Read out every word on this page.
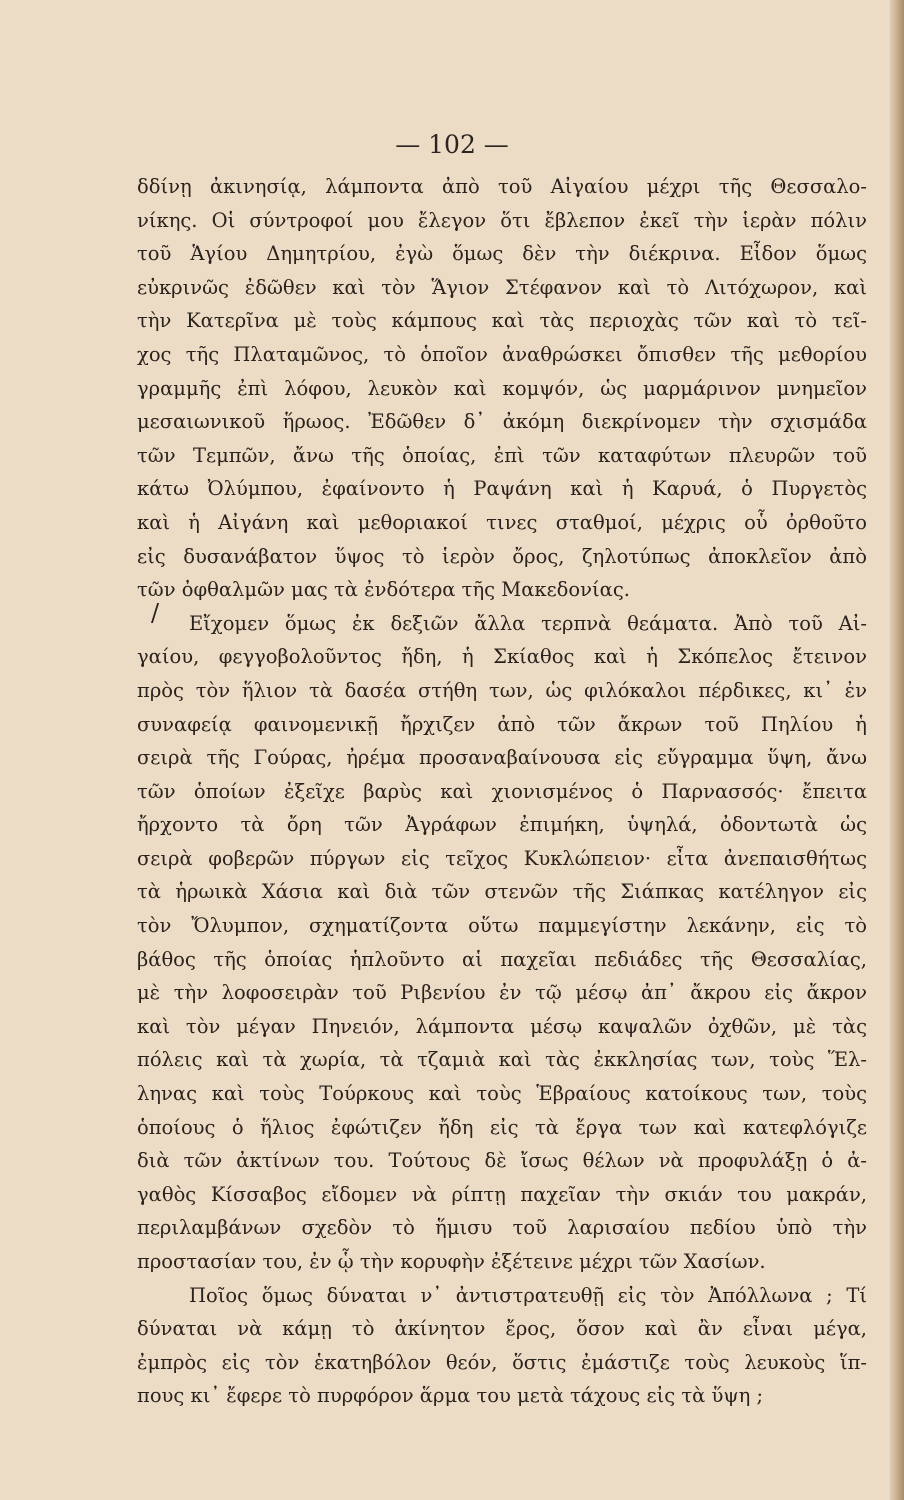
— 102 —
/
δδίνῃ ἀκινησίᾳ, λάμποντα ἀπὸ τοῦ Αἰγαίου μέχρι τῆς Θεσσαλο-
νίκης. Οἱ σύντροφοί μου ἔλεγον ὅτι ἔβλεπον ἐκεῖ τὴν ἱερὰν πόλιν
τοῦ Ἁγίου Δημητρίου, ἐγὼ ὅμως δὲν τὴν διέκρινα. Εἶδον ὅμως
εὐκρινῶς ἐδῶθεν καὶ τὸν Ἅγιον Στέφανον καὶ τὸ Λιτόχωρον, καὶ
τὴν Κατερῖνα μὲ τοὺς κάμπους καὶ τὰς περιοχὰς τῶν καὶ τὸ τεῖ-
χος τῆς Πλαταμῶνος, τὸ ὁποῖον ἀναθρώσκει ὄπισθεν τῆς μεθορίου
γραμμῆς ἐπὶ λόφου, λευκὸν καὶ κομψόν, ὡς μαρμάρινον μνημεῖον
μεσαιωνικοῦ ἥρωος. Ἐδῶθεν δ᾽ ἀκόμη διεκρίνομεν τὴν σχισμάδα
τῶν Τεμπῶν, ἄνω τῆς ὁποίας, ἐπὶ τῶν καταφύτων πλευρῶν τοῦ
κάτω Ὀλύμπου, ἐφαίνοντο ἡ Ραψάνη καὶ ἡ Καρυά, ὁ Πυργετὸς
καὶ ἡ Αἰγάνη καὶ μεθοριακοί τινες σταθμοί, μέχρις οὗ ὀρθοῦτο
εἰς δυσανάβατον ὕψος τὸ ἱερὸν ὄρος, ζηλοτύπως ἀποκλεῖον ἀπὸ
τῶν ὀφθαλμῶν μας τὰ ἐνδότερα τῆς Μακεδονίας.
Εἴχομεν ὅμως ἐκ δεξιῶν ἄλλα τερπνὰ θεάματα. Ἀπὸ τοῦ Αἰ-
γαίου, φεγγοβολοῦντος ἤδη, ἡ Σκίαθος καὶ ἡ Σκόπελος ἔτεινον
πρὸς τὸν ἥλιον τὰ δασέα στήθη των, ὡς φιλόκαλοι πέρδικες, κι᾽ ἐν
συναφείᾳ φαινομενικῇ ἤρχιζεν ἀπὸ τῶν ἄκρων τοῦ Πηλίου ἡ
σειρὰ τῆς Γούρας, ἠρέμα προσαναβαίνουσα εἰς εὔγραμμα ὕψη, ἄνω
τῶν ὁποίων ἐξεῖχε βαρὺς καὶ χιονισμένος ὁ Παρνασσός· ἔπειτα
ἤρχοντο τὰ ὄρη τῶν Ἀγράφων ἐπιμήκη, ὑψηλά, ὀδοντωτὰ ὡς
σειρὰ φοβερῶν πύργων εἰς τεῖχος Κυκλώπειον· εἶτα ἀνεπαισθήτως
τὰ ἡρωικὰ Χάσια καὶ διὰ τῶν στενῶν τῆς Σιάπκας κατέληγον εἰς
τὸν Ὄλυμπον, σχηματίζοντα οὕτω παμμεγίστην λεκάνην, εἰς τὸ
βάθος τῆς ὁποίας ἡπλοῦντο αἱ παχεῖαι πεδιάδες τῆς Θεσσαλίας,
μὲ τὴν λοφοσειρὰν τοῦ Ριβενίου ἐν τῷ μέσῳ ἀπ᾽ ἄκρου εἰς ἄκρον
καὶ τὸν μέγαν Πηνειόν, λάμποντα μέσῳ καψαλῶν ὀχθῶν, μὲ τὰς
πόλεις καὶ τὰ χωρία, τὰ τζαμιὰ καὶ τὰς ἐκκλησίας των, τοὺς Ἕλ-
ληνας καὶ τοὺς Τούρκους καὶ τοὺς Ἑβραίους κατοίκους των, τοὺς
ὁποίους ὁ ἥλιος ἐφώτιζεν ἤδη εἰς τὰ ἔργα των καὶ κατεφλόγιζε
διὰ τῶν ἀκτίνων του. Τούτους δὲ ἴσως θέλων νὰ προφυλάξῃ ὁ ἀ-
γαθὸς Κίσσαβος εἴδομεν νὰ ρίπτῃ παχεῖαν τὴν σκιάν του μακράν,
περιλαμβάνων σχεδὸν τὸ ἥμισυ τοῦ λαρισαίου πεδίου ὑπὸ τὴν
προστασίαν του, ἐν ᾧ τὴν κορυφὴν ἐξέτεινε μέχρι τῶν Χασίων.
Ποῖος ὅμως δύναται ν᾽ ἀντιστρατευθῇ εἰς τὸν Ἀπόλλωνα ; Τί
δύναται νὰ κάμῃ τὸ ἀκίνητον ἔρος, ὅσον καὶ ἂν εἶναι μέγα,
ἐμπρὸς εἰς τὸν ἑκατηβόλον θεόν, ὅστις ἐμάστιζε τοὺς λευκοὺς ἵπ-
πους κι᾽ ἔφερε τὸ πυρφόρον ἅρμα του μετὰ τάχους εἰς τὰ ὕψη ;
